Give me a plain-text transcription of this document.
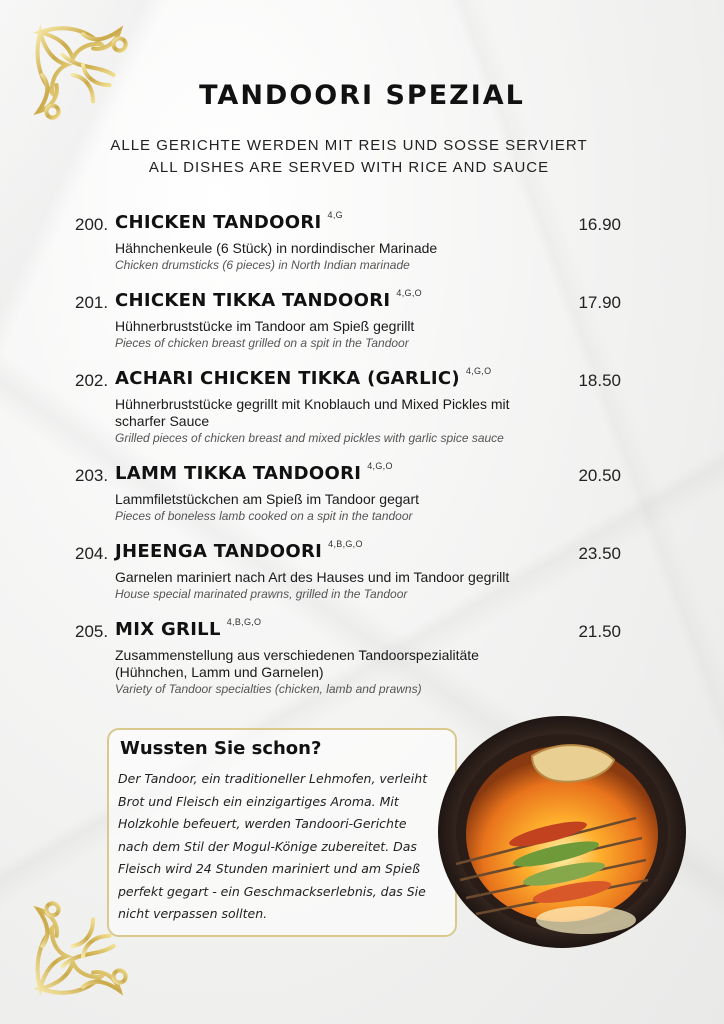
TANDOORI SPEZIAL
ALLE GERICHTE WERDEN MIT REIS UND SOSSE SERVIERT
ALL DISHES ARE SERVED WITH RICE AND SAUCE
200. CHICKEN TANDOORI $^{4,G}$	16.90
Hähnchenkeule (6 Stück) in nordindischer Marinade
Chicken drumsticks (6 pieces) in North Indian marinade
201. CHICKEN TIKKA TANDOORI $^{4,G,O}$	17.90
Hühnerbruststücke im Tandoor am Spieß gegrillt
Pieces of chicken breast grilled on a spit in the Tandoor
202. ACHARI CHICKEN TIKKA (GARLIC) $^{4,G,O}$	18.50
Hühnerbruststücke gegrillt mit Knoblauch und Mixed Pickles mit scharfer Sauce
Grilled pieces of chicken breast and mixed pickles with garlic spice sauce
203. LAMM TIKKA TANDOORI $^{4,G,O}$	20.50
Lammfiletstückchen am Spieß im Tandoor gegart
Pieces of boneless lamb cooked on a spit in the tandoor
204. JHEENGA TANDOORI $^{4,B,G,O}$	23.50
Garnelen mariniert nach Art des Hauses und im Tandoor gegrillt
House special marinated prawns, grilled in the Tandoor
205. MIX GRILL $^{4,B,G,O}$	21.50
Zusammenstellung aus verschiedenen Tandoorspezialitäte (Hühnchen, Lamm und Garnelen)
Variety of Tandoor specialties (chicken, lamb and prawns)
Wussten Sie schon?
Der Tandoor, ein traditioneller Lehmofen, verleiht Brot und Fleisch ein einzigartiges Aroma. Mit Holzkohle befeuert, werden Tandoori-Gerichte nach dem Stil der Mogul-Könige zubereitet. Das Fleisch wird 24 Stunden mariniert und am Spieß perfekt gegart - ein Geschmackserlebnis, das Sie nicht verpassen sollten.
